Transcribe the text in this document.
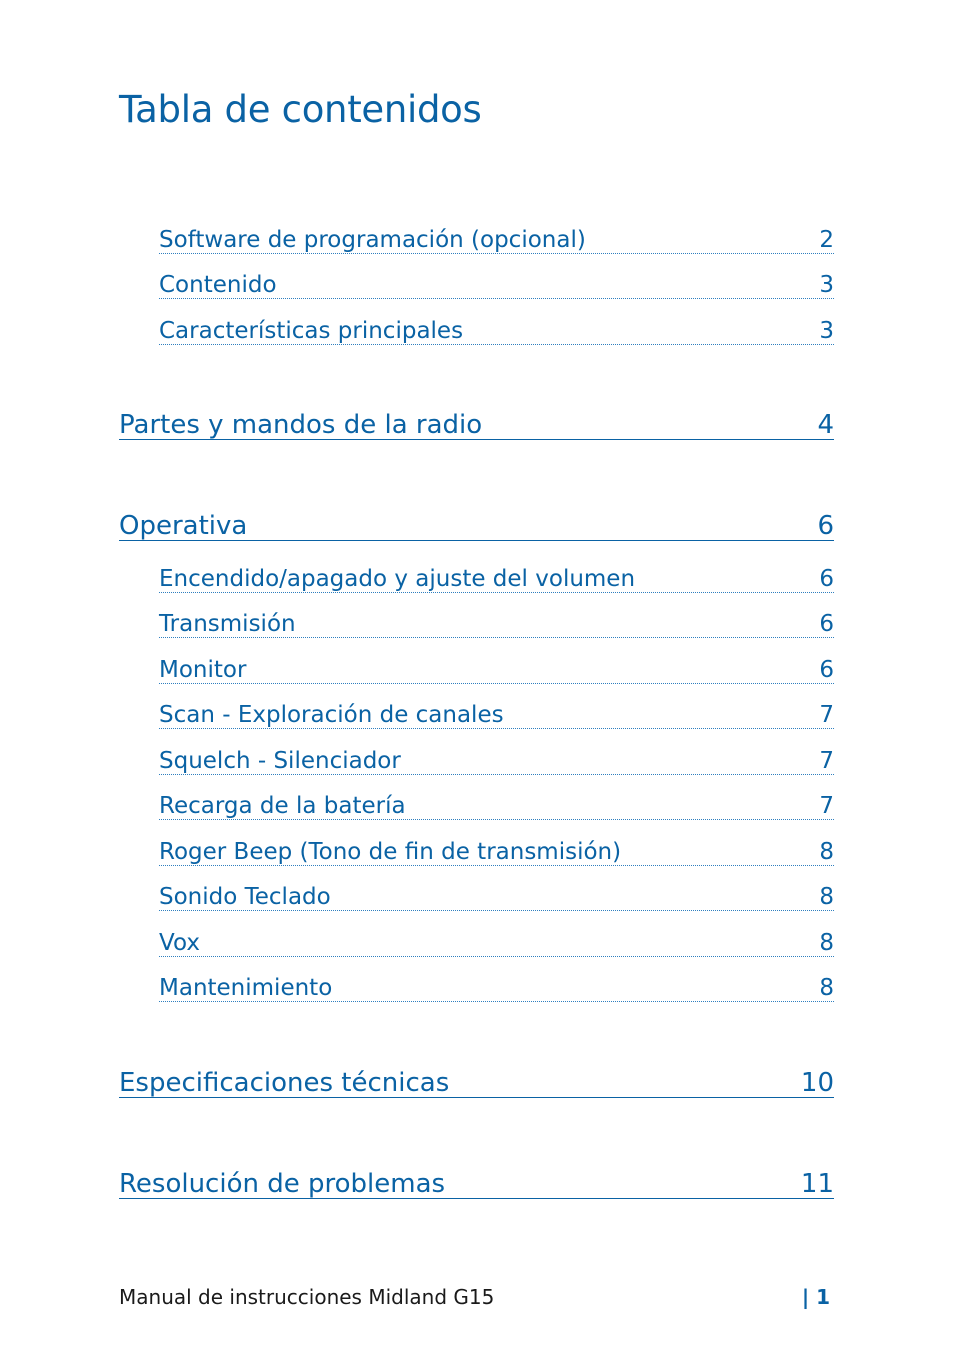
Tabla de contenidos
Software de programación (opcional)	2
Contenido	3
Características principales	3
Partes y mandos de la radio	4
Operativa	6
Encendido/apagado y ajuste del volumen	6
Transmisión	6
Monitor	6
Scan - Exploración de canales	7
Squelch - Silenciador	7
Recarga de la batería	7
Roger Beep (Tono de fin de transmisión)	8
Sonido Teclado	8
Vox	8
Mantenimiento	8
Especificaciones técnicas	10
Resolución de problemas	11
Manual de instrucciones Midland G15	| 1
